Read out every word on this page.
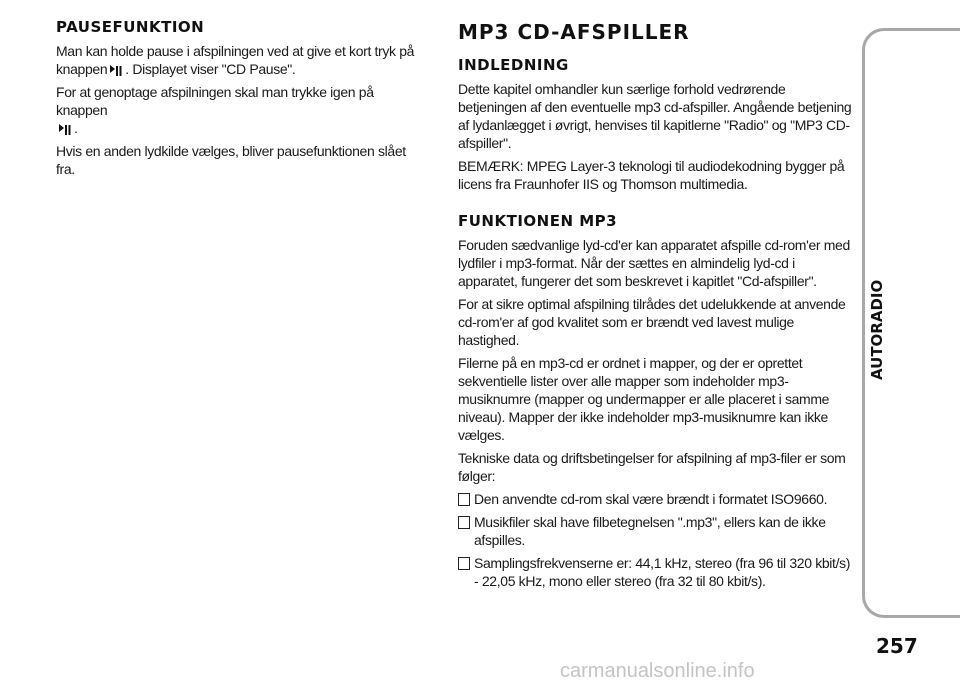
PAUSEFUNKTION

Man kan holde pause i afspilningen ved at give et kort tryk på knappen . Displayet viser "CD Pause".

For at genoptage afspilningen skal man trykke igen på knappen
.

Hvis en anden lydkilde vælges, bliver pausefunktionen slået fra.

MP3 CD-AFSPILLER
INDLEDNING

Dette kapitel omhandler kun særlige forhold vedrørende betjeningen af den eventuelle mp3 cd-afspiller. Angående betjening af lydanlægget i øvrigt, henvises til kapitlerne "Radio" og "MP3 CD-afspiller".

BEMÆRK: MPEG Layer-3 teknologi til audiodekodning bygger på licens fra Fraunhofer IIS og Thomson multimedia.

FUNKTIONEN MP3

Foruden sædvanlige lyd-cd'er kan apparatet afspille cd-rom'er med lydfiler i mp3-format. Når der sættes en almindelig lyd-cd i apparatet, fungerer det som beskrevet i kapitlet "Cd-afspiller".

For at sikre optimal afspilning tilrådes det udelukkende at anvende cd-rom'er af god kvalitet som er brændt ved lavest mulige hastighed.

Filerne på en mp3-cd er ordnet i mapper, og der er oprettet sekventielle lister over alle mapper som indeholder mp3-musiknumre (mapper og undermapper er alle placeret i samme niveau). Mapper der ikke indeholder mp3-musiknumre kan ikke vælges.

Tekniske data og driftsbetingelser for afspilning af mp3-filer er som følger:

Den anvendte cd-rom skal være brændt i formatet ISO9660.
Musikfiler skal have filbetegnelsen ".mp3", ellers kan de ikke afspilles.
Samplingsfrekvenserne er: 44,1 kHz, stereo (fra 96 til 320 kbit/s) - 22,05 kHz, mono eller stereo (fra 32 til 80 kbit/s).
AUTORADIO
257
carmanualsonline.info
